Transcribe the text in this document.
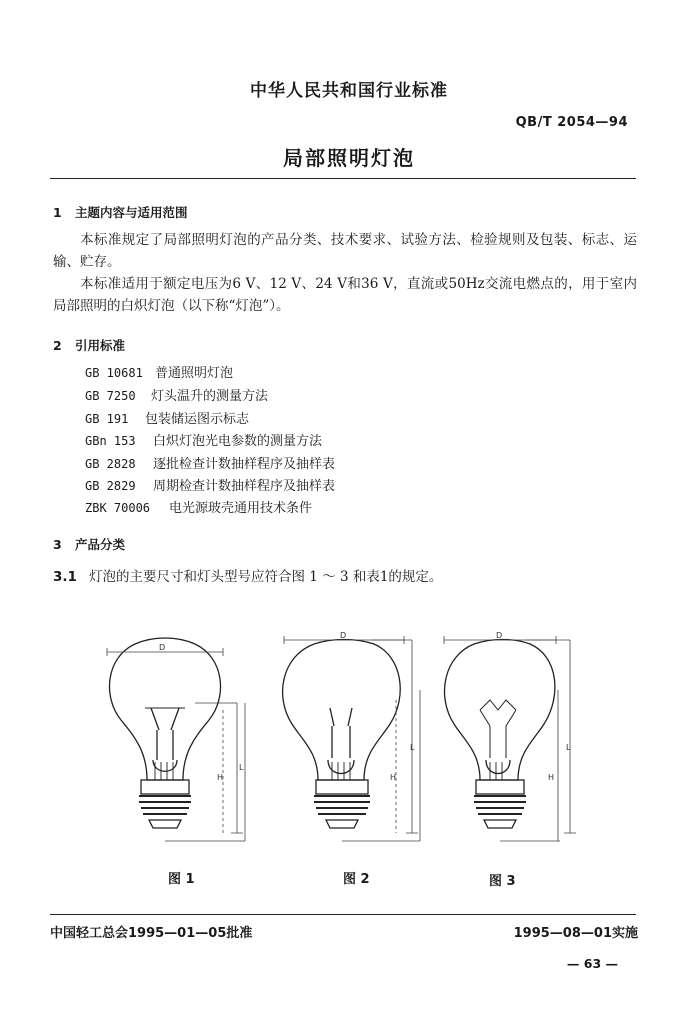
中华人民共和国行业标准
QB/T 2054—94
局部照明灯泡
1 主题内容与适用范围
本标准规定了局部照明灯泡的产品分类、技术要求、试验方法、检验规则及包装、标志、运输、贮存。
本标准适用于额定电压为6 V、12 V、24 V和36 V，直流或50Hz交流电燃点的，用于室内局部照明的白炽灯泡（以下称“灯泡”）。
2 引用标准
GB 10681 普通照明灯泡
GB 7250 灯头温升的测量方法
GB 191 包装储运图示标志
GBn 153 白炽灯泡光电参数的测量方法
GB 2828 逐批检查计数抽样程序及抽样表
GB 2829 周期检查计数抽样程序及抽样表
ZBK 70006 电光源玻壳通用技术条件
3 产品分类
3.1 灯泡的主要尺寸和灯头型号应符合图 1 ～ 3 和表1的规定。
D
L
H
D
L
H
D
L
H
图 1	图 2	图 3
中国轻工总会1995—01—05批准	1995—08—01实施
— 63 —
